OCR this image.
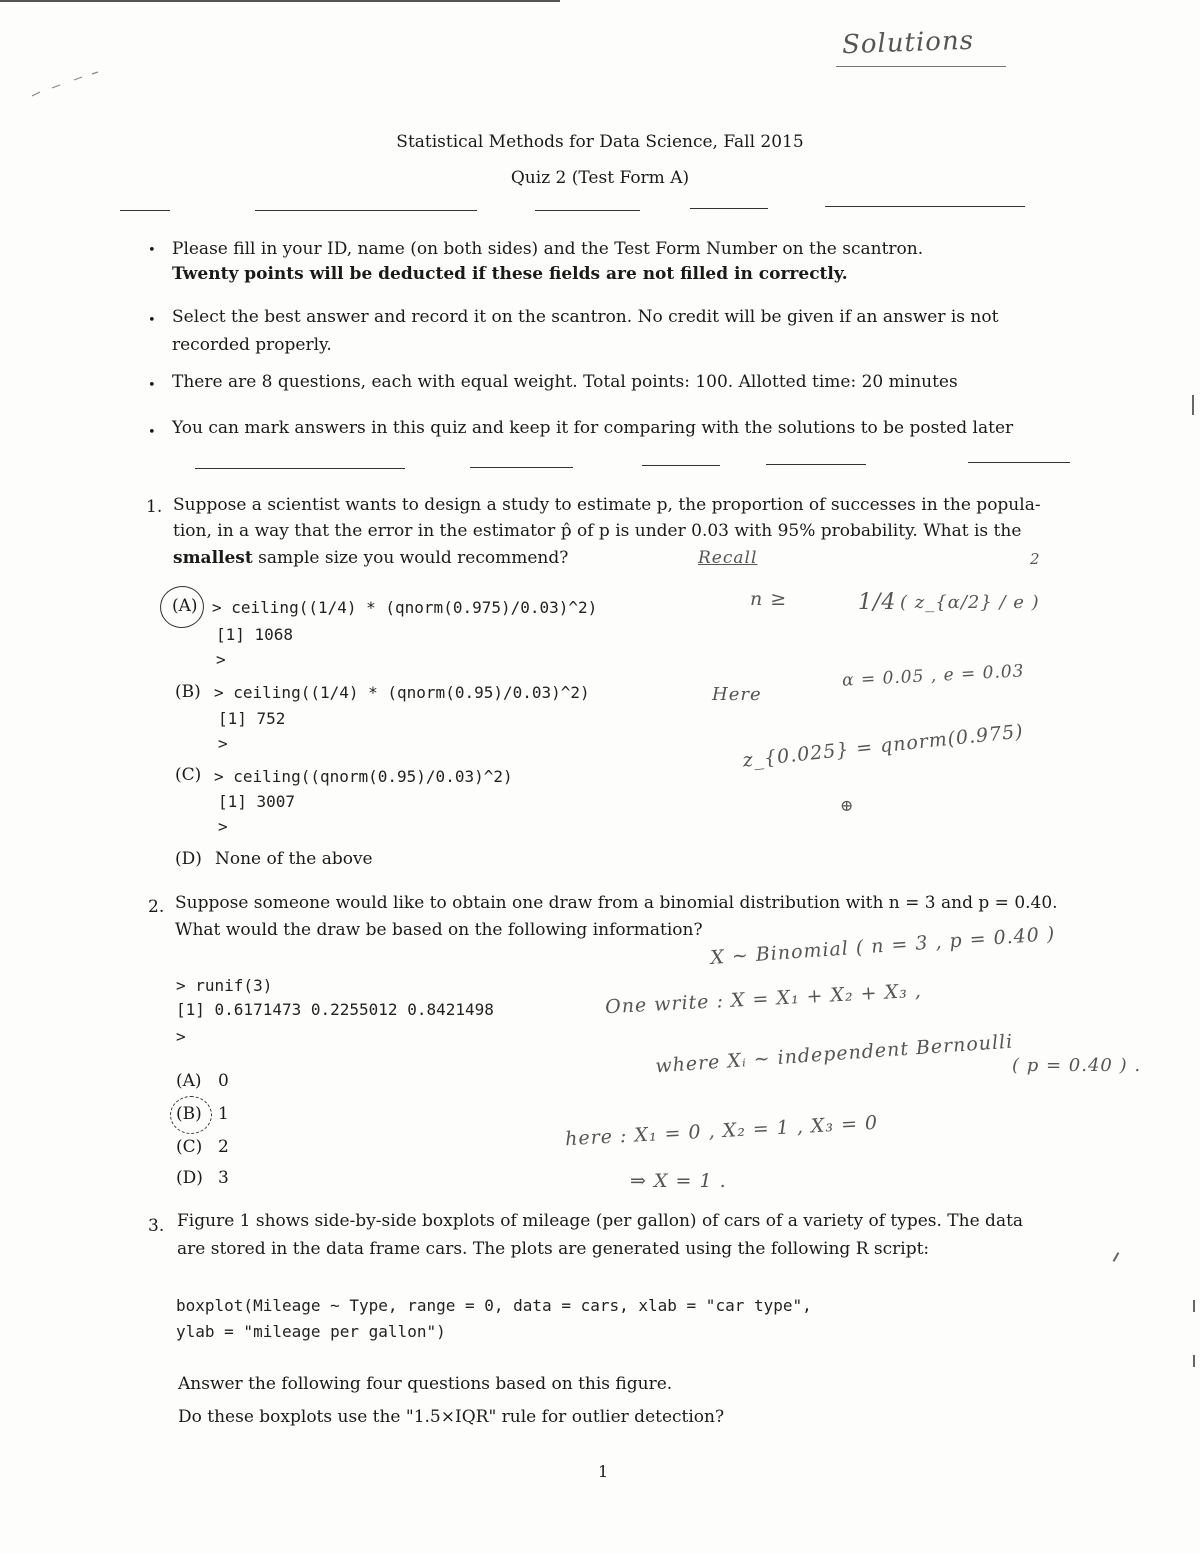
Solutions
Statistical Methods for Data Science, Fall 2015
Quiz 2 (Test Form A)
• Please fill in your ID, name (on both sides) and the Test Form Number on the scantron.
Twenty points will be deducted if these fields are not filled in correctly.
• Select the best answer and record it on the scantron. No credit will be given if an answer is not
recorded properly.
• There are 8 questions, each with equal weight. Total points: 100. Allotted time: 20 minutes
• You can mark answers in this quiz and keep it for comparing with the solutions to be posted later
1. Suppose a scientist wants to design a study to estimate p, the proportion of successes in the popula-
tion, in a way that the error in the estimator p̂ of p is under 0.03 with 95% probability. What is the
smallest sample size you would recommend?
(A) > ceiling((1/4) * (qnorm(0.975)/0.03)^2)
[1] 1068
>
(B) > ceiling((1/4) * (qnorm(0.95)/0.03)^2)
[1] 752
>
(C) > ceiling((qnorm(0.95)/0.03)^2)
[1] 3007
>
(D) None of the above
Recall
n ≥	1/4 ( z_{α/2} / e )
2
Here
α = 0.05 , e = 0.03
z_{0.025} = qnorm(0.975)
⊕
2. Suppose someone would like to obtain one draw from a binomial distribution with n = 3 and p = 0.40.
What would the draw be based on the following information?
> runif(3)
[1] 0.6171473 0.2255012 0.8421498
>
(A) 0
(B) 1
(C) 2
(D) 3
X ~ Binomial ( n = 3 , p = 0.40 )
One write : X = X₁ + X₂ + X₃ ,
where Xᵢ ~ independent Bernoulli
( p = 0.40 ) .
here : X₁ = 0 , X₂ = 1 , X₃ = 0
⇒ X = 1 .
3. Figure 1 shows side-by-side boxplots of mileage (per gallon) of cars of a variety of types. The data
are stored in the data frame cars. The plots are generated using the following R script:
boxplot(Mileage ~ Type, range = 0, data = cars, xlab = "car type",
ylab = "mileage per gallon")
Answer the following four questions based on this figure.
Do these boxplots use the "1.5×IQR" rule for outlier detection?
1
